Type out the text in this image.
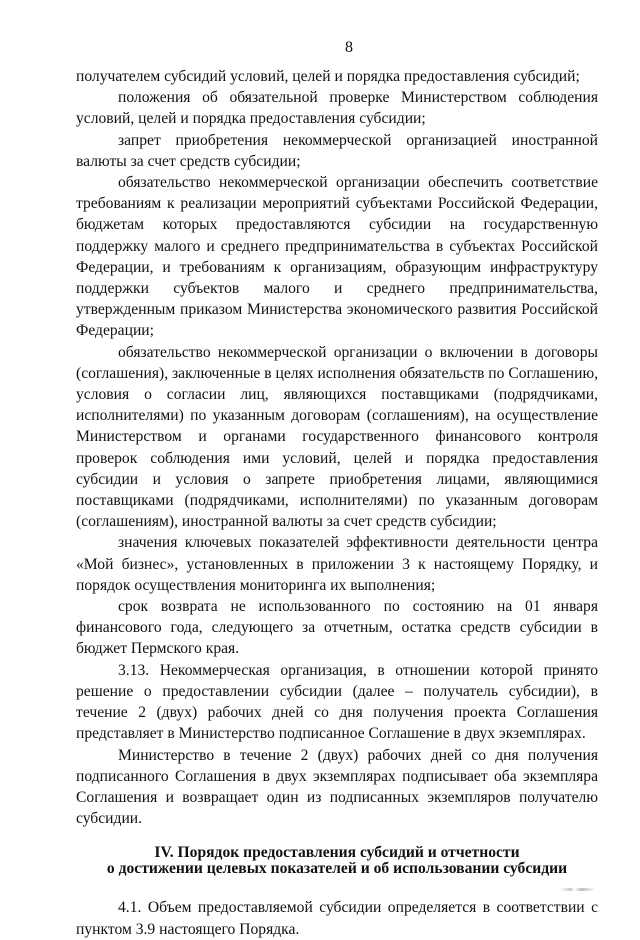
8

получателем субсидий условий, целей и порядка предоставления субсидий;

положения об обязательной проверке Министерством соблюдения условий, целей и порядка предоставления субсидии;

запрет приобретения некоммерческой организацией иностранной валюты за счет средств субсидии;

обязательство некоммерческой организации обеспечить соответствие требованиям к реализации мероприятий субъектами Российской Федерации, бюджетам которых предоставляются субсидии на государственную поддержку малого и среднего предпринимательства в субъектах Российской Федерации, и требованиям к организациям, образующим инфраструктуру поддержки субъектов малого и среднего предпринимательства, утвержденным приказом Министерства экономического развития Российской Федерации;

обязательство некоммерческой организации о включении в договоры (соглашения), заключенные в целях исполнения обязательств по Соглашению, условия о согласии лиц, являющихся поставщиками (подрядчиками, исполнителями) по указанным договорам (соглашениям), на осуществление Министерством и органами государственного финансового контроля проверок соблюдения ими условий, целей и порядка предоставления субсидии и условия о запрете приобретения лицами, являющимися поставщиками (подрядчиками, исполнителями) по указанным договорам (соглашениям), иностранной валюты за счет средств субсидии;

значения ключевых показателей эффективности деятельности центра «Мой бизнес», установленных в приложении 3 к настоящему Порядку, и порядок осуществления мониторинга их выполнения;

срок возврата не использованного по состоянию на 01 января финансового года, следующего за отчетным, остатка средств субсидии в бюджет Пермского края.

3.13. Некоммерческая организация, в отношении которой принято решение о предоставлении субсидии (далее – получатель субсидии), в течение 2 (двух) рабочих дней со дня получения проекта Соглашения представляет в Министерство подписанное Соглашение в двух экземплярах.

Министерство в течение 2 (двух) рабочих дней со дня получения подписанного Соглашения в двух экземплярах подписывает оба экземпляра Соглашения и возвращает один из подписанных экземпляров получателю субсидии.

IV. Порядок предоставления субсидий и отчетности
о достижении целевых показателей и об использовании субсидии

4.1. Объем предоставляемой субсидии определяется в соответствии с пунктом 3.9 настоящего Порядка.
